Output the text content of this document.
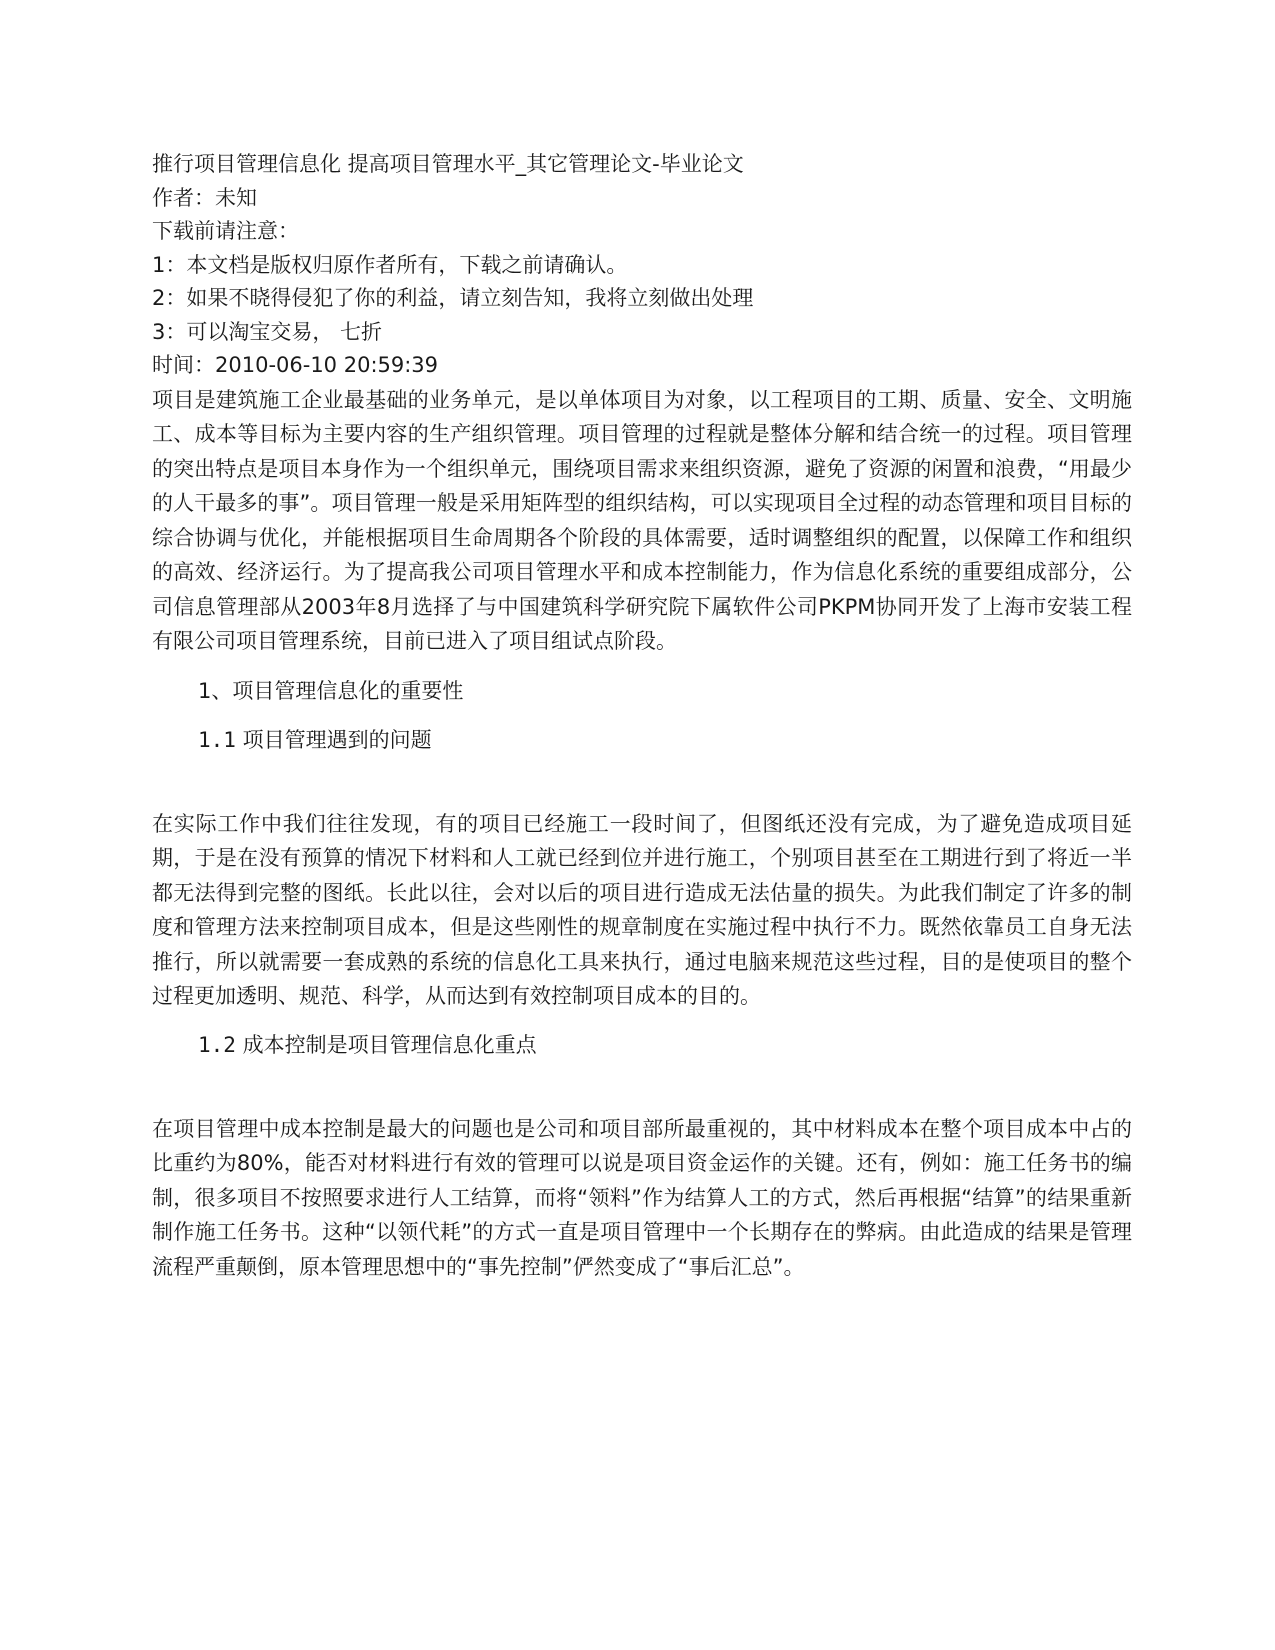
推行项目管理信息化 提高项目管理水平_其它管理论文-毕业论文

作者：未知

下载前请注意：

1：本文档是版权归原作者所有，下载之前请确认。

2：如果不晓得侵犯了你的利益，请立刻告知，我将立刻做出处理

3：可以淘宝交易， 七折

时间：2010-06-10 20:59:39

项目是建筑施工企业最基础的业务单元，是以单体项目为对象，以工程项目的工期、质量、安全、文明施工、成本等目标为主要内容的生产组织管理。项目管理的过程就是整体分解和结合统一的过程。项目管理的突出特点是项目本身作为一个组织单元，围绕项目需求来组织资源，避免了资源的闲置和浪费，“用最少的人干最多的事”。项目管理一般是采用矩阵型的组织结构，可以实现项目全过程的动态管理和项目目标的综合协调与优化，并能根据项目生命周期各个阶段的具体需要，适时调整组织的配置，以保障工作和组织的高效、经济运行。为了提高我公司项目管理水平和成本控制能力，作为信息化系统的重要组成部分，公司信息管理部从2003年8月选择了与中国建筑科学研究院下属软件公司PKPM协同开发了上海市安装工程有限公司项目管理系统，目前已进入了项目组试点阶段。

1、项目管理信息化的重要性

1.1 项目管理遇到的问题

在实际工作中我们往往发现，有的项目已经施工一段时间了，但图纸还没有完成，为了避免造成项目延期，于是在没有预算的情况下材料和人工就已经到位并进行施工，个别项目甚至在工期进行到了将近一半都无法得到完整的图纸。长此以往，会对以后的项目进行造成无法估量的损失。为此我们制定了许多的制度和管理方法来控制项目成本，但是这些刚性的规章制度在实施过程中执行不力。既然依靠员工自身无法推行，所以就需要一套成熟的系统的信息化工具来执行，通过电脑来规范这些过程，目的是使项目的整个过程更加透明、规范、科学，从而达到有效控制项目成本的目的。

1.2 成本控制是项目管理信息化重点

在项目管理中成本控制是最大的问题也是公司和项目部所最重视的，其中材料成本在整个项目成本中占的比重约为80%，能否对材料进行有效的管理可以说是项目资金运作的关键。还有，例如：施工任务书的编制，很多项目不按照要求进行人工结算，而将“领料”作为结算人工的方式，然后再根据“结算”的结果重新制作施工任务书。这种“以领代耗”的方式一直是项目管理中一个长期存在的弊病。由此造成的结果是管理流程严重颠倒，原本管理思想中的“事先控制”俨然变成了“事后汇总”。
